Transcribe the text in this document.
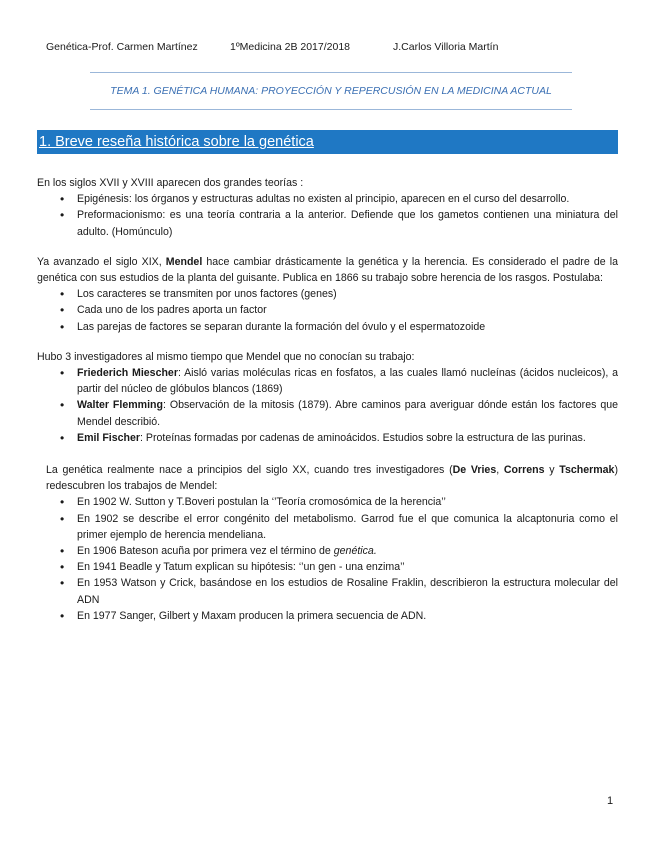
Genética-Prof. Carmen Martínez	1ºMedicina 2B 2017/2018	J.Carlos Villoria Martín
TEMA 1. GENÉTICA HUMANA: PROYECCIÓN Y REPERCUSIÓN EN LA MEDICINA ACTUAL
1. Breve reseña histórica sobre la genética

En los siglos XVII y XVIII aparecen dos grandes teorías :

• Epigénesis: los órganos y estructuras adultas no existen al principio, aparecen en el curso del desarrollo.
• Preformacionismo: es una teoría contraria a la anterior. Defiende que los gametos contienen una miniatura del adulto. (Homúnculo)

Ya avanzado el siglo XIX, Mendel hace cambiar drásticamente la genética y la herencia. Es considerado el padre de la genética con sus estudios de la planta del guisante. Publica en 1866 su trabajo sobre herencia de los rasgos. Postulaba:

• Los caracteres se transmiten por unos factores (genes)
• Cada uno de los padres aporta un factor
• Las parejas de factores se separan durante la formación del óvulo y el espermatozoide

Hubo 3 investigadores al mismo tiempo que Mendel que no conocían su trabajo:

• Friederich Miescher: Aisló varias moléculas ricas en fosfatos, a las cuales llamó nucleínas (ácidos nucleicos), a partir del núcleo de glóbulos blancos (1869)
• Walter Flemming: Observación de la mitosis (1879). Abre caminos para averiguar dónde están los factores que Mendel describió.
• Emil Fischer: Proteínas formadas por cadenas de aminoácidos. Estudios sobre la estructura de las purinas.

La genética realmente nace a principios del siglo XX, cuando tres investigadores (De Vries, Correns y Tschermak) redescubren los trabajos de Mendel:

• En 1902 W. Sutton y T.Boveri postulan la ‘’Teoría cromosómica de la herencia’’
• En 1902 se describe el error congénito del metabolismo. Garrod fue el que comunica la alcaptonuria como el primer ejemplo de herencia mendeliana.
• En 1906 Bateson acuña por primera vez el término de genética.
• En 1941 Beadle y Tatum explican su hipótesis: ‘’un gen - una enzima’’
• En 1953 Watson y Crick, basándose en los estudios de Rosaline Fraklin, describieron la estructura molecular del ADN
• En 1977 Sanger, Gilbert y Maxam producen la primera secuencia de ADN.
1
